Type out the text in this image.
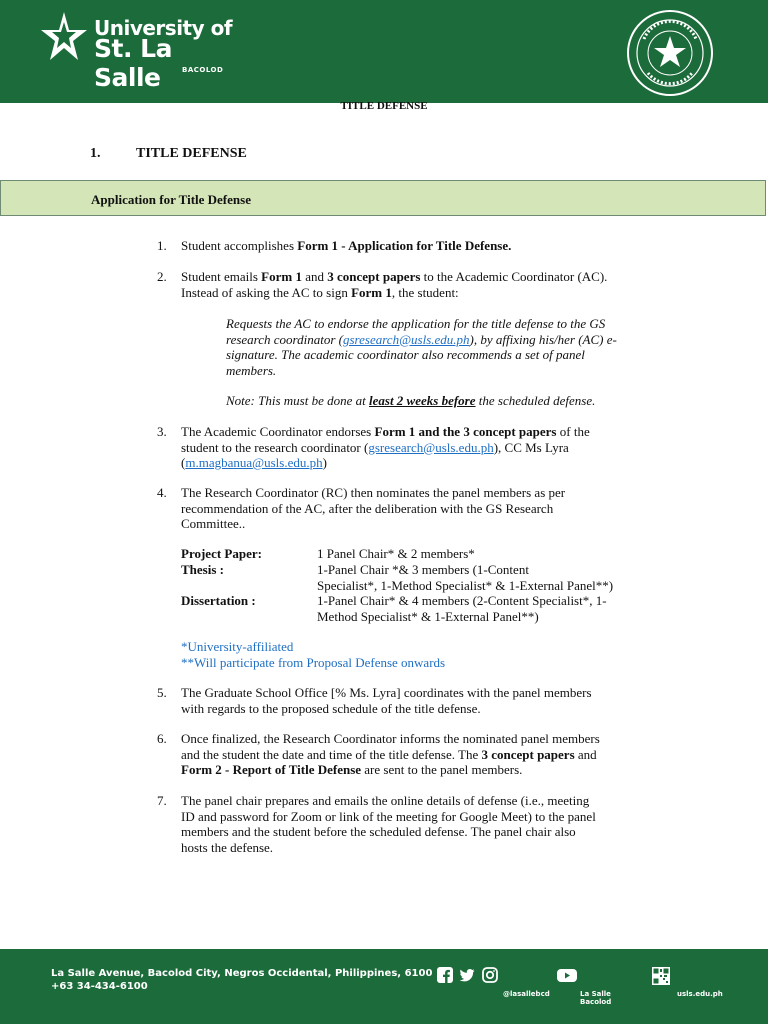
University of
St. La Salle	BACOLOD
TITLE DEFENSE
1.	TITLE DEFENSE
Application for Title Defense
1. Student accomplishes Form 1 - Application for Title Defense.
2. Student emails Form 1 and 3 concept papers to the Academic Coordinator (AC).
Instead of asking the AC to sign Form 1, the student:
Requests the AC to endorse the application for the title defense to the GS
research coordinator (gsresearch@usls.edu.ph), by affixing his/her (AC) e-
signature. The academic coordinator also recommends a set of panel
members.
Note: This must be done at least 2 weeks before the scheduled defense.
3. The Academic Coordinator endorses Form 1 and the 3 concept papers of the
student to the research coordinator (gsresearch@usls.edu.ph), CC Ms Lyra
(m.magbanua@usls.edu.ph)
4. The Research Coordinator (RC) then nominates the panel members as per
recommendation of the AC, after the deliberation with the GS Research
Committee..
Project Paper:	1 Panel Chair* & 2 members*
Thesis :	1-Panel Chair *& 3 members (1-Content
Specialist*, 1-Method Specialist* & 1-External Panel**)
Dissertation :	1-Panel Chair* & 4 members (2-Content Specialist*, 1-
Method Specialist* & 1-External Panel**)
*University-affiliated
**Will participate from Proposal Defense onwards
5. The Graduate School Office [% Ms. Lyra] coordinates with the panel members
with regards to the proposed schedule of the title defense.
6. Once finalized, the Research Coordinator informs the nominated panel members
and the student the date and time of the title defense. The 3 concept papers and
Form 2 - Report of Title Defense are sent to the panel members.
7. The panel chair prepares and emails the online details of defense (i.e., meeting
ID and password for Zoom or link of the meeting for Google Meet) to the panel
members and the student before the scheduled defense. The panel chair also
hosts the defense.
La Salle Avenue, Bacolod City, Negros Occidental, Philippines, 6100
+63 34-434-6100
@lasallebcd	La Salle Bacolod
usls.edu.ph
